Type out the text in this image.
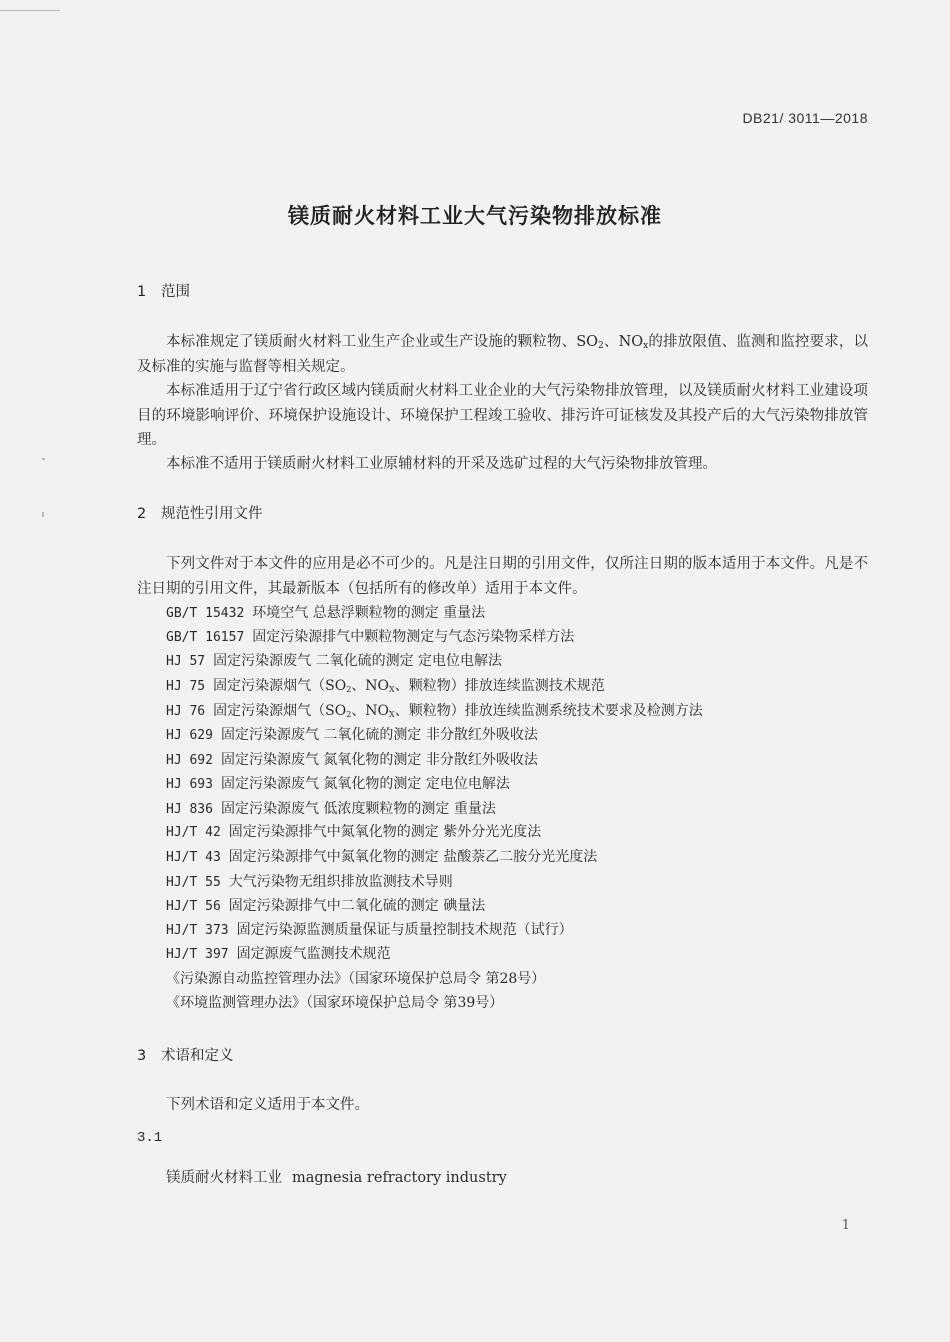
DB21/ 3011—2018
镁质耐火材料工业大气污染物排放标准
1 范围
本标准规定了镁质耐火材料工业生产企业或生产设施的颗粒物、$SO_2$、$NO_x$的排放限值、监测和监控要求，以及标准的实施与监督等相关规定。
本标准适用于辽宁省行政区域内镁质耐火材料工业企业的大气污染物排放管理，以及镁质耐火材料工业建设项目的环境影响评价、环境保护设施设计、环境保护工程竣工验收、排污许可证核发及其投产后的大气污染物排放管理。
本标准不适用于镁质耐火材料工业原辅材料的开采及选矿过程的大气污染物排放管理。
2 规范性引用文件
下列文件对于本文件的应用是必不可少的。凡是注日期的引用文件，仅所注日期的版本适用于本文件。凡是不注日期的引用文件，其最新版本（包括所有的修改单）适用于本文件。
GB/T 15432 环境空气 总悬浮颗粒物的测定 重量法
GB/T 16157 固定污染源排气中颗粒物测定与气态污染物采样方法
HJ 57 固定污染源废气 二氧化硫的测定 定电位电解法
HJ 75 固定污染源烟气（$SO_2$、$NO_X$、颗粒物）排放连续监测技术规范
HJ 76 固定污染源烟气（$SO_2$、$NO_X$、颗粒物）排放连续监测系统技术要求及检测方法
HJ 629 固定污染源废气 二氧化硫的测定 非分散红外吸收法
HJ 692 固定污染源废气 氮氧化物的测定 非分散红外吸收法
HJ 693 固定污染源废气 氮氧化物的测定 定电位电解法
HJ 836 固定污染源废气 低浓度颗粒物的测定 重量法
HJ/T 42 固定污染源排气中氮氧化物的测定 紫外分光光度法
HJ/T 43 固定污染源排气中氮氧化物的测定 盐酸萘乙二胺分光光度法
HJ/T 55 大气污染物无组织排放监测技术导则
HJ/T 56 固定污染源排气中二氧化硫的测定 碘量法
HJ/T 373 固定污染源监测质量保证与质量控制技术规范（试行）
HJ/T 397 固定源废气监测技术规范
《污染源自动监控管理办法》（国家环境保护总局令 第28号）
《环境监测管理办法》（国家环境保护总局令 第39号）
3 术语和定义
下列术语和定义适用于本文件。
3.1
镁质耐火材料工业 magnesia refractory industry
1
